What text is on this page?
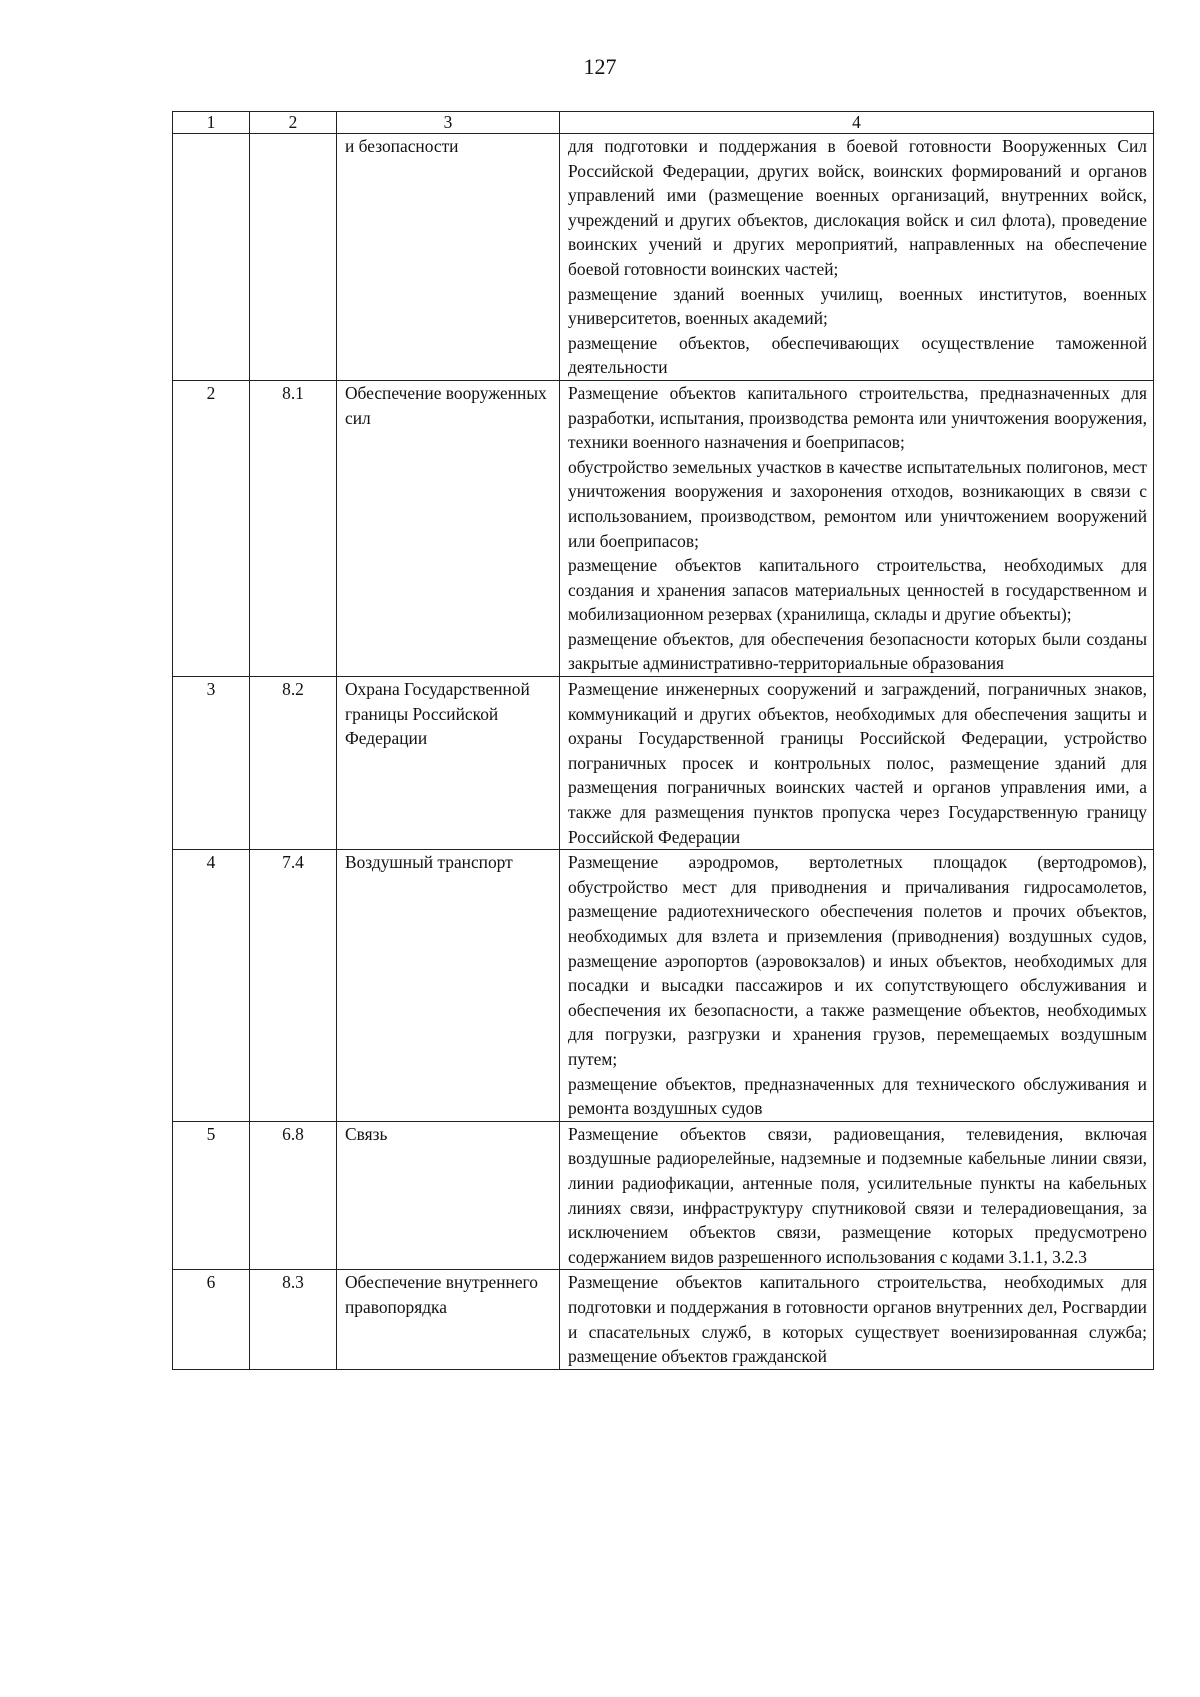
127
1	2	3	4
		и безопасности	для подготовки и поддержания в боевой готовности Вооруженных Сил Российской Федерации, других войск, воинских формирований и органов управлений ими (размещение военных организаций, внутренних войск, учреждений и других объектов, дислокация войск и сил флота), проведение воинских учений и других мероприятий, направленных на обеспечение боевой готовности воинских частей;
размещение зданий военных училищ, военных институтов, военных университетов, военных академий;
размещение объектов, обеспечивающих осуществление таможенной деятельности

2	8.1	Обеспечение вооруженных сил	Размещение объектов капитального строительства, предназначенных для разработки, испытания, производства ремонта или уничтожения вооружения, техники военного назначения и боеприпасов;
обустройство земельных участков в качестве испытательных полигонов, мест уничтожения вооружения и захоронения отходов, возникающих в связи с использованием, производством, ремонтом или уничтожением вооружений или боеприпасов;
размещение объектов капитального строительства, необходимых для создания и хранения запасов материальных ценностей в государственном и мобилизационном резервах (хранилища, склады и другие объекты);
размещение объектов, для обеспечения безопасности которых были созданы закрытые административно-территориальные образования

3	8.2	Охрана Государственной границы Российской Федерации	Размещение инженерных сооружений и заграждений, пограничных знаков, коммуникаций и других объектов, необходимых для обеспечения защиты и охраны Государственной границы Российской Федерации, устройство пограничных просек и контрольных полос, размещение зданий для размещения пограничных воинских частей и органов управления ими, а также для размещения пунктов пропуска через Государственную границу Российской Федерации

4	7.4	Воздушный транспорт	Размещение аэродромов, вертолетных площадок (вертодромов), обустройство мест для приводнения и причаливания гидросамолетов, размещение радиотехнического обеспечения полетов и прочих объектов, необходимых для взлета и приземления (приводнения) воздушных судов, размещение аэропортов (аэровокзалов) и иных объектов, необходимых для посадки и высадки пассажиров и их сопутствующего обслуживания и обеспечения их безопасности, а также размещение объектов, необходимых для погрузки, разгрузки и хранения грузов, перемещаемых воздушным путем;
размещение объектов, предназначенных для технического обслуживания и ремонта воздушных судов

5	6.8	Связь	Размещение объектов связи, радиовещания, телевидения, включая воздушные радиорелейные, надземные и подземные кабельные линии связи, линии радиофикации, антенные поля, усилительные пункты на кабельных линиях связи, инфраструктуру спутниковой связи и телерадиовещания, за исключением объектов связи, размещение которых предусмотрено содержанием видов разрешенного использования с кодами 3.1.1, 3.2.3

6	8.3	Обеспечение внутреннего правопорядка	Размещение объектов капитального строительства, необходимых для подготовки и поддержания в готовности органов внутренних дел, Росгвардии и спасательных служб, в которых существует военизированная служба; размещение объектов гражданской
